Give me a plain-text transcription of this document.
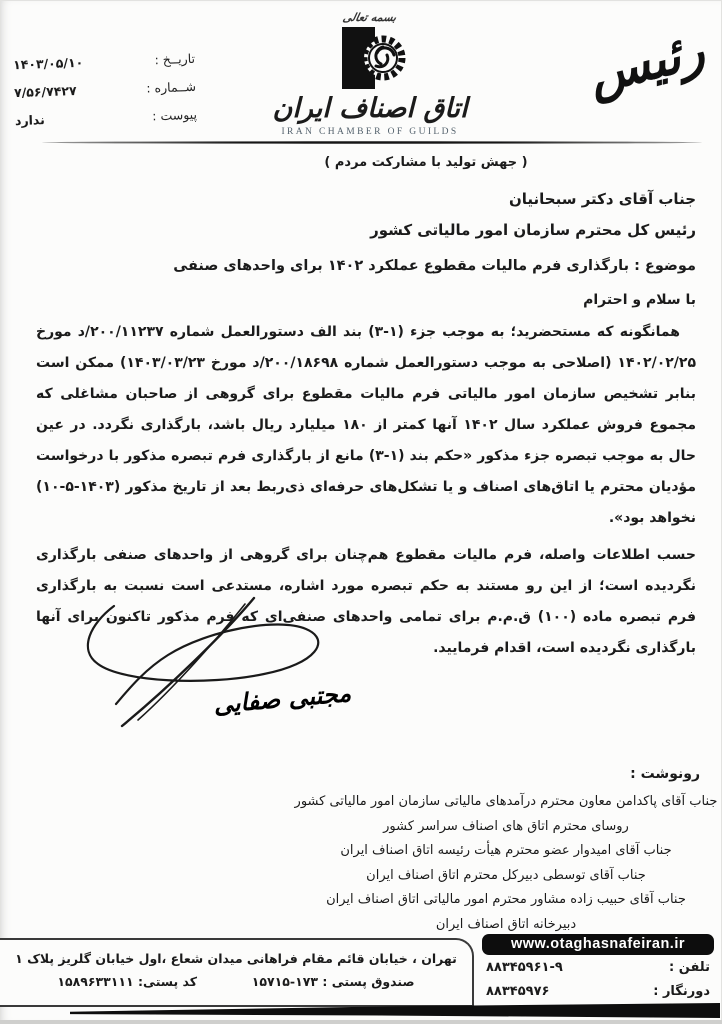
تاریــخ :
۱۴۰۳/۰۵/۱۰
شــماره :
۷/۵۶/۷۴۲۷
پیوست :
ندارد
بسمه تعالی
اتاق اصناف ایران
IRAN CHAMBER OF GUILDS
رئیس
( جهش تولید با مشارکت مردم )
جناب آقای دکتر سبحانیان
رئیس کل محترم سازمان امور مالیاتی کشور
موضوع : بارگذاری فرم مالیات مقطوع عملکرد ۱۴۰۲ برای واحدهای صنفی
با سلام و احترام

همانگونه که مستحضرید؛ به موجب جزء (۱-۳) بند الف دستورالعمل شماره ۲۰۰/۱۱۲۳۷/د مورخ ۱۴۰۲/۰۲/۲۵ (اصلاحی به موجب دستورالعمل شماره ۲۰۰/۱۸۶۹۸/د مورخ ۱۴۰۳/۰۳/۲۳) ممکن است بنابر تشخیص سازمان امور مالیاتی فرم مالیات مقطوع برای گروهی از صاحبان مشاغلی که مجموع فروش عملکرد سال ۱۴۰۲ آنها کمتر از ۱۸۰ میلیارد ریال باشد، بارگذاری نگردد. در عین حال به موجب تبصره جزء مذکور «حکم بند (۱-۳) مانع از بارگذاری فرم تبصره مذکور با درخواست مؤدیان محترم یا اتاق‌های اصناف و یا تشکل‌های حرفه‌ای ذی‌ربط بعد از تاریخ مذکور (۱۴۰۳-۵-۱۰) نخواهد بود».

حسب اطلاعات واصله، فرم مالیات مقطوع هم‌چنان برای گروهی از واحدهای صنفی بارگذاری نگردیده است؛ از این رو مستند به حکم تبصره مورد اشاره، مستدعی است نسبت به بارگذاری فرم تبصره ماده (۱۰۰) ق.م.م برای تمامی واحدهای صنفی‌ای که فرم مذکور تاکنون برای آنها بارگذاری نگردیده است، اقدام فرمایید.

مجتبی صفایی
رونوشت :
جناب آقای پاکدامن معاون محترم درآمدهای مالیاتی سازمان امور مالیاتی کشور
روسای محترم اتاق های اصناف سراسر کشور
جناب آقای امیدوار عضو محترم هیأت رئیسه اتاق اصناف ایران
جناب آقای توسطی دبیرکل محترم اتاق اصناف ایران
جناب آقای حبیب زاده مشاور محترم امور مالیاتی اتاق اصناف ایران
دبیرخانه اتاق اصناف ایران
تهران ، خیابان قائم مقام فراهانی میدان شعاع ،اول خیابان گلریز پلاک ۱
صندوق پستی : ۱۵۷۱۵-۱۷۳  کد پستی: ۱۵۸۹۶۳۳۱۱۱
www.otaghasnafeiran.ir
تلفن :
۸۸۳۴۵۹۶۱-۹
دورنگار :
۸۸۳۴۵۹۷۶
